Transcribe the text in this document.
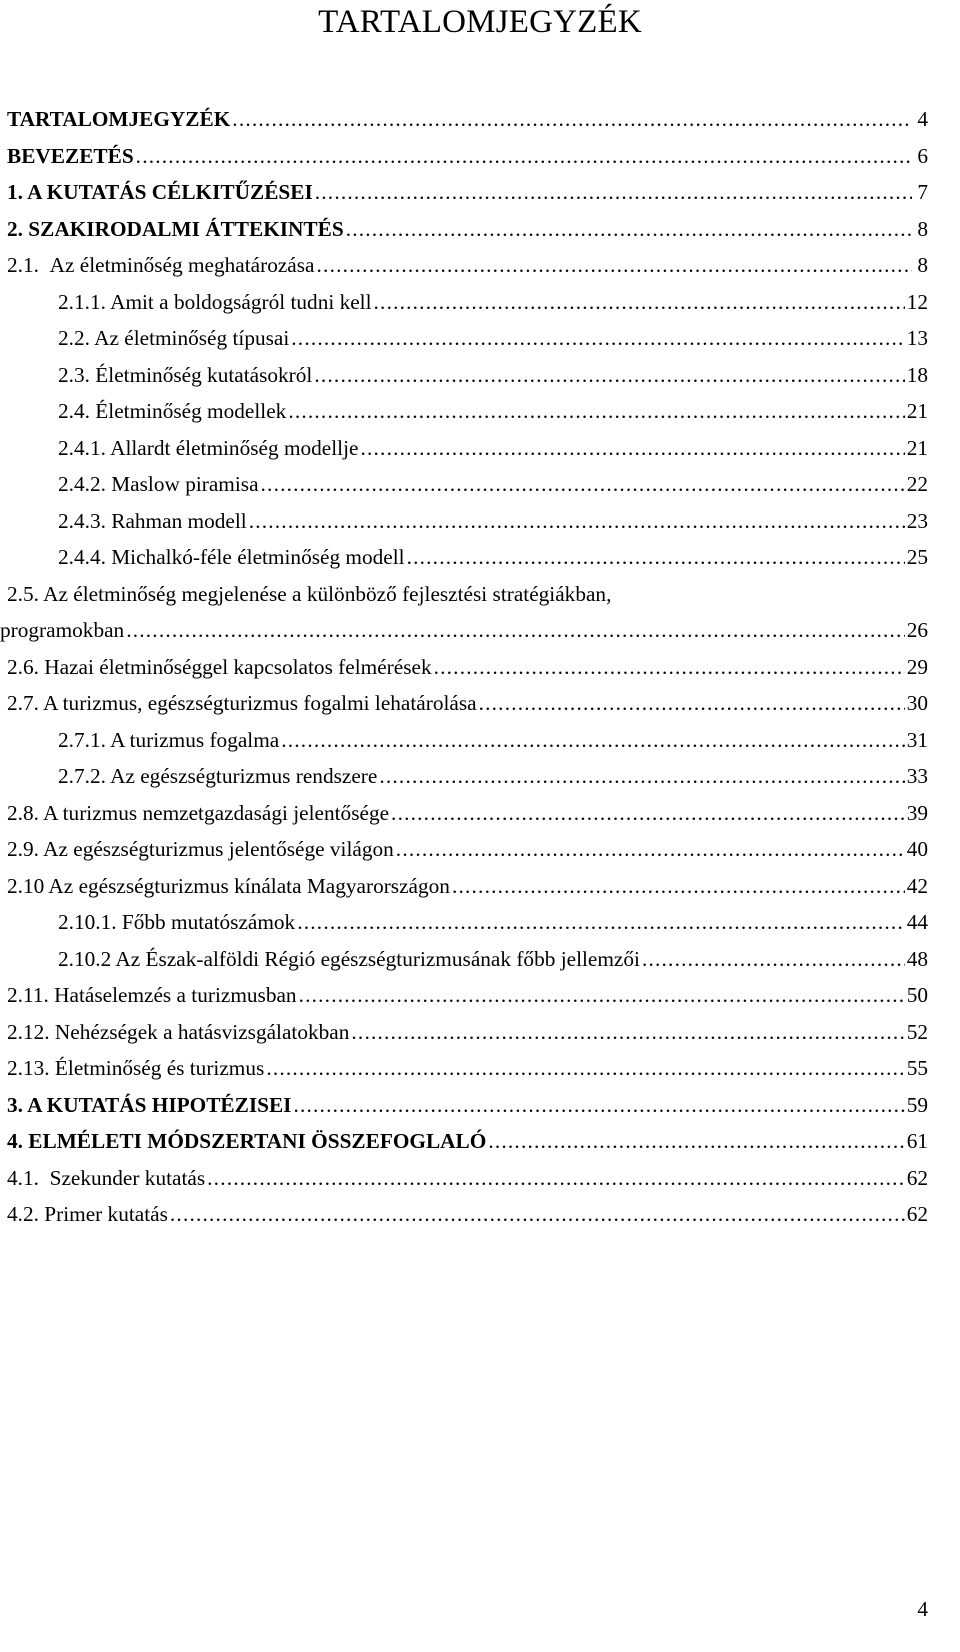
TARTALOMJEGYZÉK
TARTALOMJEGYZÉK .....	4
BEVEZETÉS .....	6
1. A KUTATÁS CÉLKITŰZÉSEI .....	7
2. SZAKIRODALMI ÁTTEKINTÉS .....	8
2.1.  Az életminőség meghatározása .....	8
2.1.1. Amit a boldogságról tudni kell .....	12
2.2. Az életminőség típusai .....	13
2.3. Életminőség kutatásokról .....	18
2.4. Életminőség modellek .....	21
2.4.1. Allardt életminőség modellje .....	21
2.4.2. Maslow piramisa .....	22
2.4.3. Rahman modell .....	23
2.4.4. Michalkó-féle életminőség modell .....	25
2.5. Az életminőség megjelenése a különböző fejlesztési stratégiákban,
programokban .....	26
2.6. Hazai életminőséggel kapcsolatos felmérések .....	29
2.7. A turizmus, egészségturizmus fogalmi lehatárolása .....	30
2.7.1. A turizmus fogalma .....	31
2.7.2. Az egészségturizmus rendszere .....	33
2.8. A turizmus nemzetgazdasági jelentősége .....	39
2.9. Az egészségturizmus jelentősége világon .....	40
2.10 Az egészségturizmus kínálata Magyarországon .....	42
2.10.1. Főbb mutatószámok .....	44
2.10.2 Az Észak-alföldi Régió egészségturizmusának főbb jellemzői .....	48
2.11. Hatáselemzés a turizmusban .....	50
2.12. Nehézségek a hatásvizsgálatokban .....	52
2.13. Életminőség és turizmus .....	55
3. A KUTATÁS HIPOTÉZISEI .....	59
4. ELMÉLETI MÓDSZERTANI ÖSSZEFOGLALÓ .....	61
4.1.  Szekunder kutatás .....	62
4.2. Primer kutatás .....	62
4
